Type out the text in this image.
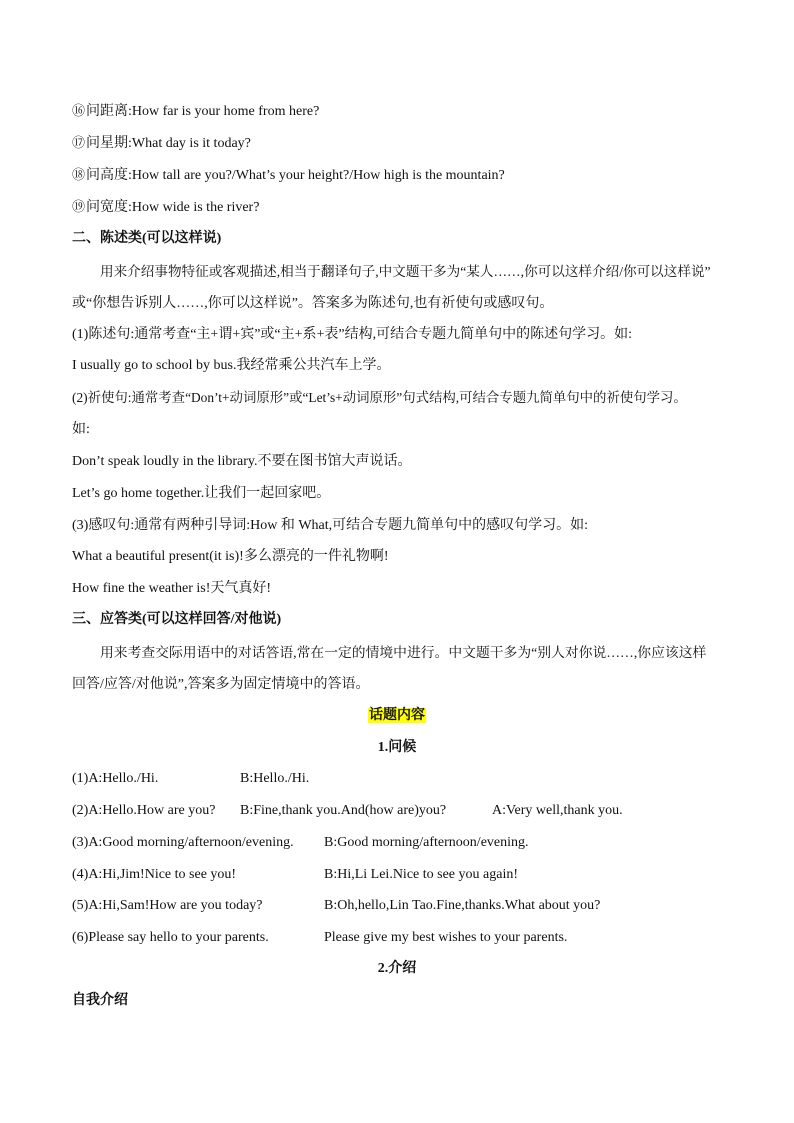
⑯问距离:How far is your home from here?
⑰问星期:What day is it today?
⑱问高度:How tall are you?/What’s your height?/How high is the mountain?
⑲问宽度:How wide is the river?
二、陈述类(可以这样说)
用来介绍事物特征或客观描述,相当于翻译句子,中文题干多为“某人……,你可以这样介绍/你可以这样说”
或“你想告诉别人……,你可以这样说”。答案多为陈述句,也有祈使句或感叹句。
(1)陈述句:通常考查“主+谓+宾”或“主+系+表”结构,可结合专题九简单句中的陈述句学习。如:
I usually go to school by bus.我经常乘公共汽车上学。
(2)祈使句:通常考查“Don’t+动词原形”或“Let’s+动词原形”句式结构,可结合专题九简单句中的祈使句学习。
如:
Don’t speak loudly in the library.不要在图书馆大声说话。
Let’s go home together.让我们一起回家吧。
(3)感叹句:通常有两种引导词:How 和 What,可结合专题九简单句中的感叹句学习。如:
What a beautiful present(it is)!多么漂亮的一件礼物啊!
How fine the weather is!天气真好!
三、应答类(可以这样回答/对他说)
用来考查交际用语中的对话答语,常在一定的情境中进行。中文题干多为“别人对你说……,你应该这样
回答/应答/对他说”,答案多为固定情境中的答语。
话题内容
1.问候
(1)A:Hello./Hi.	B:Hello./Hi.
(2)A:Hello.How are you? B:Fine,thank you.And(how are)you?	A:Very well,thank you.
(3)A:Good morning/afternoon/evening. B:Good morning/afternoon/evening.
(4)A:Hi,Jim!Nice to see you!	B:Hi,Li Lei.Nice to see you again!
(5)A:Hi,Sam!How are you today?	B:Oh,hello,Lin Tao.Fine,thanks.What about you?
(6)Please say hello to your parents.	Please give my best wishes to your parents.
2.介绍
自我介绍
